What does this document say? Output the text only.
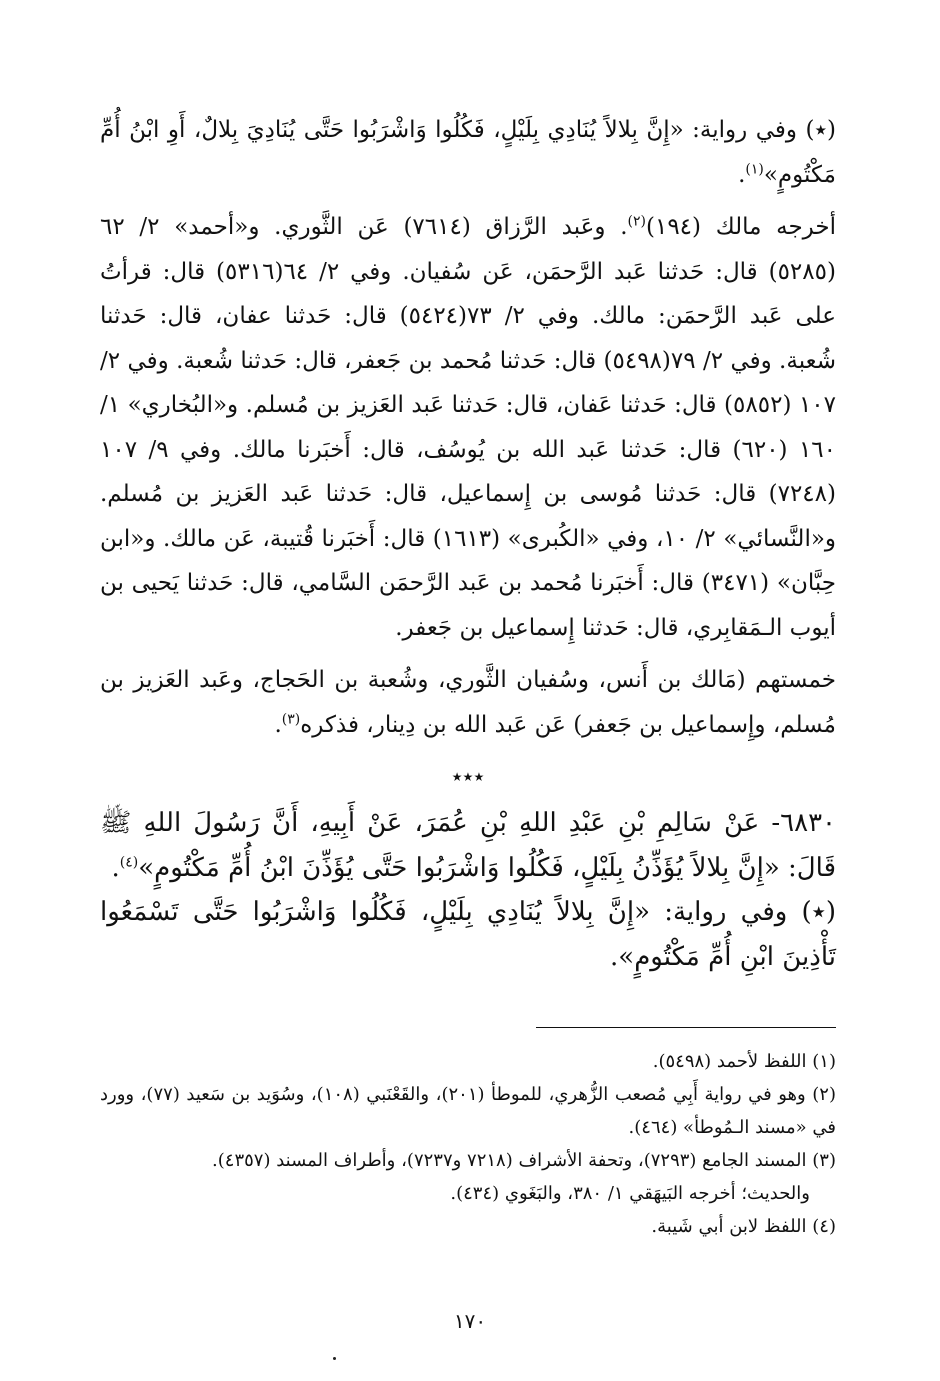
(٭) وفي رواية: «إِنَّ بِلالاً يُنَادِي بِلَيْلٍ، فَكُلُوا وَاشْرَبُوا حَتَّى يُنَادِيَ بِلالٌ، أَوِ ابْنُ أُمِّ مَكْتُومٍ»$^{(١)}$.

أخرجه مالك (١٩٤)$^{(٢)}$. وعَبد الرَّزاق (٧٦١٤) عَن الثَّوري. و«أحمد» ٢/ ٦٢ (٥٢٨٥) قال: حَدثنا عَبد الرَّحمَن، عَن سُفيان. وفي ٢/ ٦٤(٥٣١٦) قال: قرأتُ على عَبد الرَّحمَن: مالك. وفي ٢/ ٧٣(٥٤٢٤) قال: حَدثنا عفان، قال: حَدثنا شُعبة. وفي ٢/ ٧٩(٥٤٩٨) قال: حَدثنا مُحمد بن جَعفر، قال: حَدثنا شُعبة. وفي ٢/ ١٠٧ (٥٨٥٢) قال: حَدثنا عَفان، قال: حَدثنا عَبد العَزيز بن مُسلم. و«البُخاري» ١/ ١٦٠ (٦٢٠) قال: حَدثنا عَبد الله بن يُوسُف، قال: أَخبَرنا مالك. وفي ٩/ ١٠٧ (٧٢٤٨) قال: حَدثنا مُوسى بن إِسماعيل، قال: حَدثنا عَبد العَزيز بن مُسلم. و«النَّسائي» ٢/ ١٠، وفي «الكُبرى» (١٦١٣) قال: أَخبَرنا قُتيبة، عَن مالك. و«ابن حِبَّان» (٣٤٧١) قال: أَخبَرنا مُحمد بن عَبد الرَّحمَن السَّامي، قال: حَدثنا يَحيى بن أيوب الـمَقابِري، قال: حَدثنا إِسماعيل بن جَعفر.

خمستهم (مَالك بن أَنس، وسُفيان الثَّوري، وشُعبة بن الحَجاج، وعَبد العَزيز بن مُسلم، وإِسماعيل بن جَعفر) عَن عَبد الله بن دِينار، فذكره$^{(٣)}$.

٭٭٭

٦٨٣٠- عَنْ سَالِمِ بْنِ عَبْدِ اللهِ بْنِ عُمَرَ، عَنْ أَبِيهِ، أَنَّ رَسُولَ اللهِ ﷺ قَالَ: «إِنَّ بِلالاً يُؤَذِّنُ بِلَيْلٍ، فَكُلُوا وَاشْرَبُوا حَتَّى يُؤَذِّنَ ابْنُ أُمِّ مَكْتُومٍ»$^{(٤)}$.

(٭) وفي رواية: «إِنَّ بِلالاً يُنَادِي بِلَيْلٍ، فَكُلُوا وَاشْرَبُوا حَتَّى تَسْمَعُوا تَأْذِينَ ابْنِ أُمِّ مَكْتُومٍ».

(١) اللفظ لأحمد (٥٤٩٨).

(٢) وهو في رواية أَبِي مُصعب الزُّهري، للموطأ (٢٠١)، والقَعْنَبي (١٠٨)، وسُوَيد بن سَعيد (٧٧)، وورد في «مسند الـمُوطأ» (٤٦٤).

(٣) المسند الجامع (٧٢٩٣)، وتحفة الأشراف (٧٢١٨ و٧٢٣٧)، وأطراف المسند (٤٣٥٧).
والحديث؛ أخرجه البَيهَقي ١/ ٣٨٠، والبَغَوي (٤٣٤).

(٤) اللفظ لابن أبي شَيبة.

١٧٠
